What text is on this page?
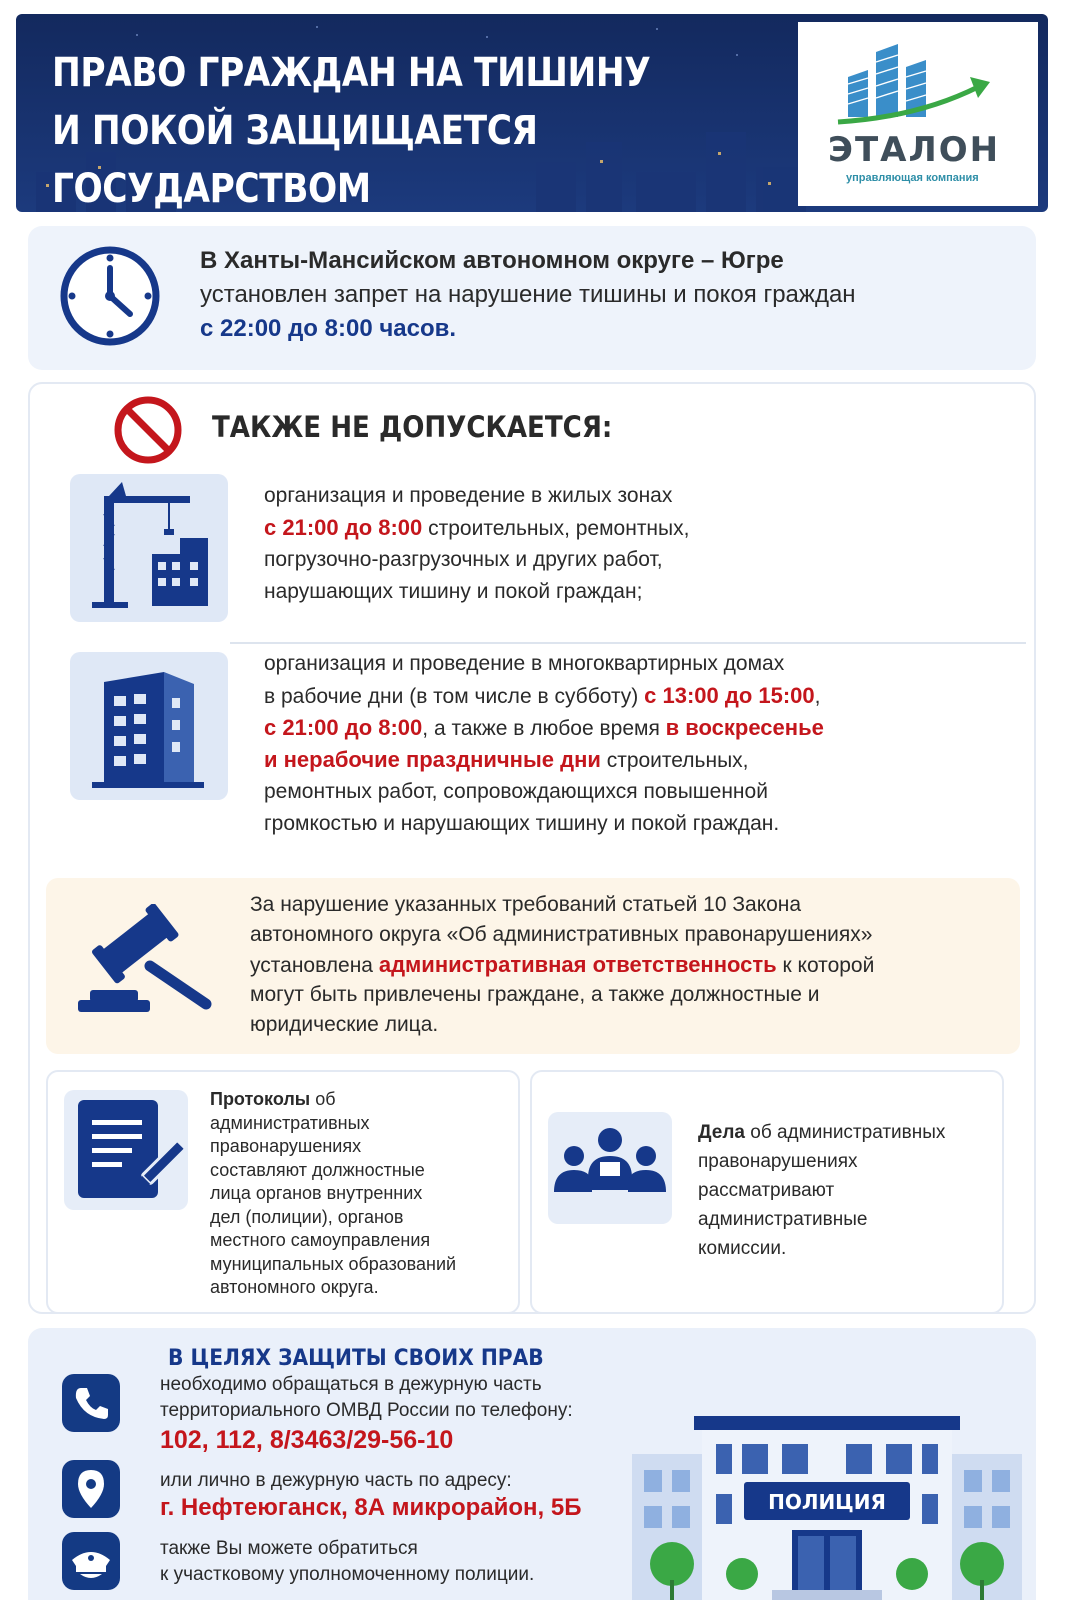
ПРАВО ГРАЖДАН НА ТИШИНУ
И ПОКОЙ ЗАЩИЩАЕТСЯ ГОСУДАРСТВОМ
ЭТАЛОН
управляющая компания
В Ханты-Мансийском автономном округе – Югре
установлен запрет на нарушение тишины и покоя граждан
с 22:00 до 8:00 часов.
ТАКЖЕ НЕ ДОПУСКАЕТСЯ:
организация и проведение в жилых зонах
с 21:00 до 8:00 строительных, ремонтных,
погрузочно-разгрузочных и других работ,
нарушающих тишину и покой граждан;
организация и проведение в многоквартирных домах
в рабочие дни (в том числе в субботу) с 13:00 до 15:00,
с 21:00 до 8:00, а также в любое время в воскресенье
и нерабочие праздничные дни строительных,
ремонтных работ, сопровождающихся повышенной
громкостью и нарушающих тишину и покой граждан.
За нарушение указанных требований статьей 10 Закона
автономного округа «Об административных правонарушениях»
установлена административная ответственность к которой
могут быть привлечены граждане, а также должностные и
юридические лица.
Протоколы об
административных
правонарушениях
составляют должностные
лица органов внутренних
дел (полиции), органов
местного самоуправления
муниципальных образований
автономного округа.
Дела об административных
правонарушениях
рассматривают
административные
комиссии.
В ЦЕЛЯХ ЗАЩИТЫ СВОИХ ПРАВ
необходимо обращаться в дежурную часть
территориального ОМВД России по телефону:
102, 112, 8/3463/29-56-10
или лично в дежурную часть по адресу:
г. Нефтеюганск, 8А микрорайон, 5Б
также Вы можете обратиться
к участковому уполномоченному полиции.
ПОЛИЦИЯ
